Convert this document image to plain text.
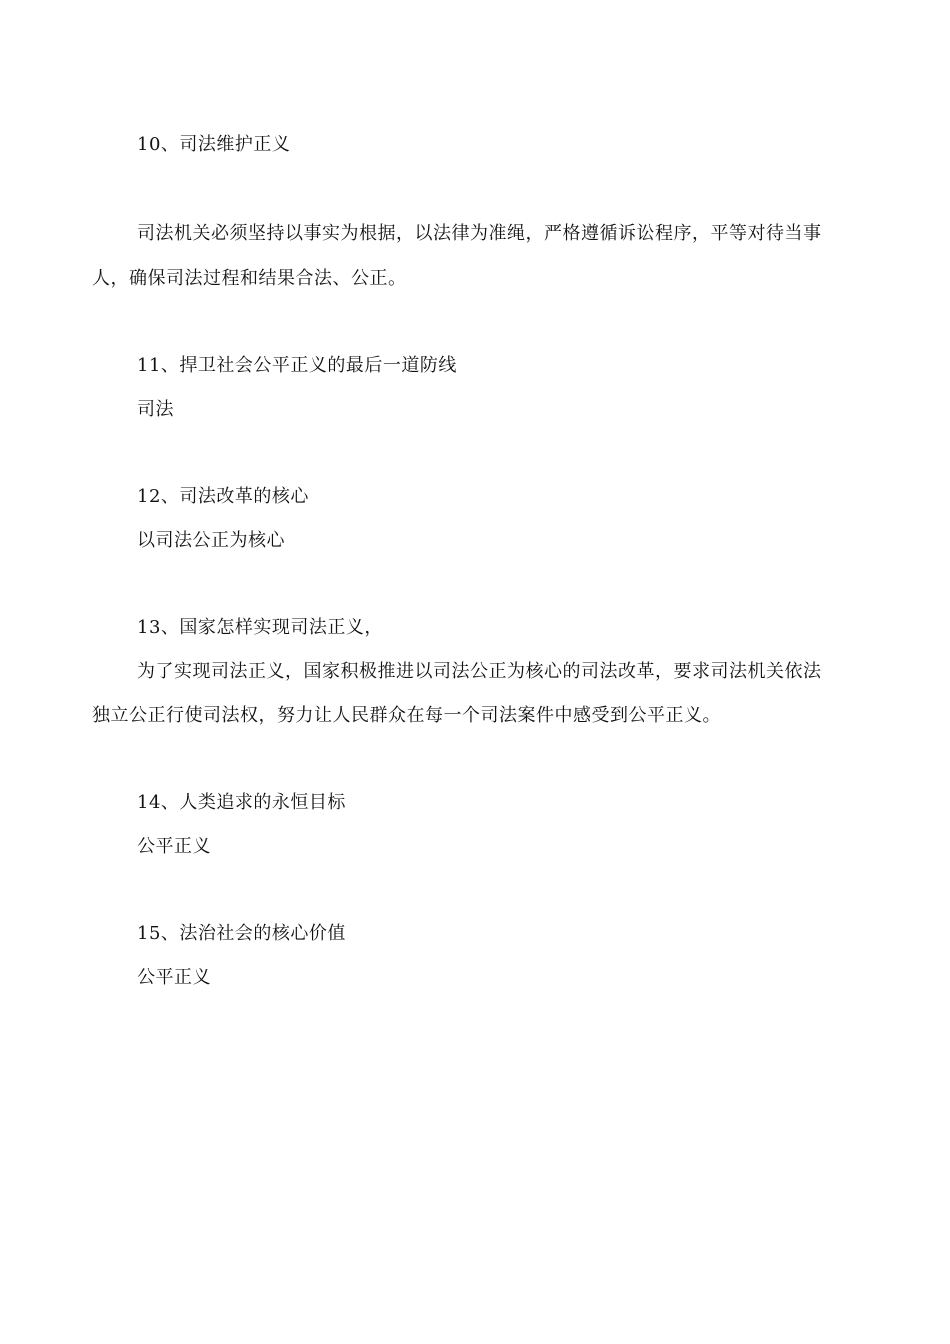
10、司法维护正义
司法机关必须坚持以事实为根据，以法律为准绳，严格遵循诉讼程序，平等对待当事
人，确保司法过程和结果合法、公正。
11、捍卫社会公平正义的最后一道防线
司法
12、司法改革的核心
以司法公正为核心
13、国家怎样实现司法正义，
为了实现司法正义，国家积极推进以司法公正为核心的司法改革，要求司法机关依法
独立公正行使司法权，努力让人民群众在每一个司法案件中感受到公平正义。
14、人类追求的永恒目标
公平正义
15、法治社会的核心价值
公平正义
